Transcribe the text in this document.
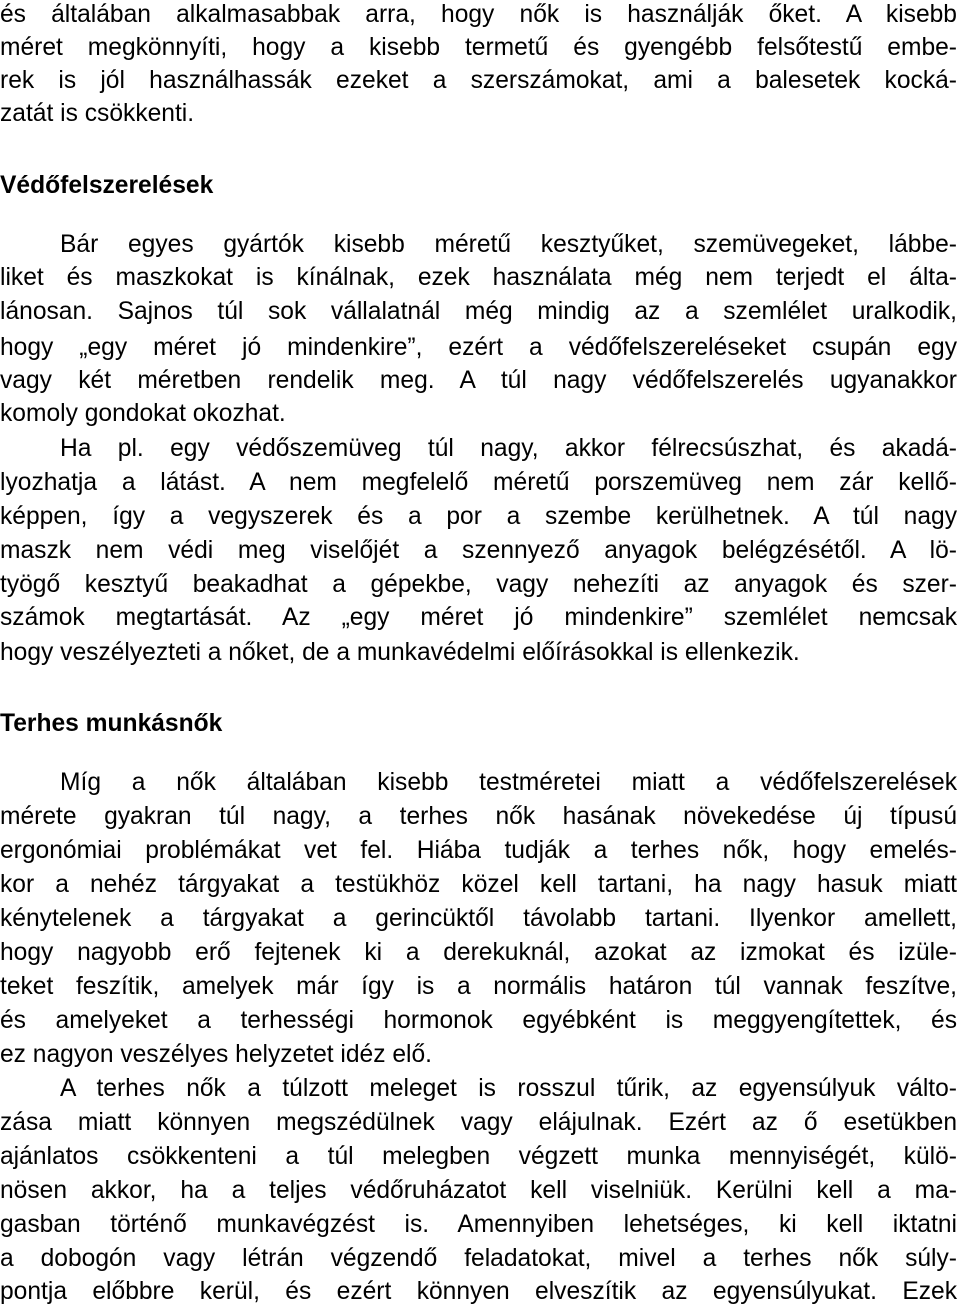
és általában alkalmasabbak arra, hogy nők is használják őket. A kisebb
méret megkönnyíti, hogy a kisebb termetű és gyengébb felsőtestű embe-
rek is jól használhassák ezeket a szerszámokat, ami a balesetek kocká-
zatát is csökkenti.
Védőfelszerelések
Bár egyes gyártók kisebb méretű kesztyűket, szemüvegeket, lábbe-
liket és maszkokat is kínálnak, ezek használata még nem terjedt el álta-
lánosan. Sajnos túl sok vállalatnál még mindig az a szemlélet uralkodik,
hogy „egy méret jó mindenkire”, ezért a védőfelszereléseket csupán egy
vagy két méretben rendelik meg. A túl nagy védőfelszerelés ugyanakkor
komoly gondokat okozhat.
Ha pl. egy védőszemüveg túl nagy, akkor félrecsúszhat, és akadá-
lyozhatja a látást. A nem megfelelő méretű porszemüveg nem zár kellő-
képpen, így a vegyszerek és a por a szembe kerülhetnek. A túl nagy
maszk nem védi meg viselőjét a szennyező anyagok belégzésétől. A lö-
työgő kesztyű beakadhat a gépekbe, vagy nehezíti az anyagok és szer-
számok megtartását. Az „egy méret jó mindenkire” szemlélet nemcsak
hogy veszélyezteti a nőket, de a munkavédelmi előírásokkal is ellenkezik.
Terhes munkásnők
Míg a nők általában kisebb testméretei miatt a védőfelszerelések
mérete gyakran túl nagy, a terhes nők hasának növekedése új típusú
ergonómiai problémákat vet fel. Hiába tudják a terhes nők, hogy emelés-
kor a nehéz tárgyakat a testükhöz közel kell tartani, ha nagy hasuk miatt
kénytelenek a tárgyakat a gerincüktől távolabb tartani. Ilyenkor amellett,
hogy nagyobb erő fejtenek ki a derekuknál, azokat az izmokat és izüle-
teket feszítik, amelyek már így is a normális határon túl vannak feszítve,
és amelyeket a terhességi hormonok egyébként is meggyengítettek, és
ez nagyon veszélyes helyzetet idéz elő.
A terhes nők a túlzott meleget is rosszul tűrik, az egyensúlyuk válto-
zása miatt könnyen megszédülnek vagy elájulnak. Ezért az ő esetükben
ajánlatos csökkenteni a túl melegben végzett munka mennyiségét, külö-
nösen akkor, ha a teljes védőruházatot kell viselniük. Kerülni kell a ma-
gasban történő munkavégzést is. Amennyiben lehetséges, ki kell iktatni
a dobogón vagy létrán végzendő feladatokat, mivel a terhes nők súly-
pontja előbbre kerül, és ezért könnyen elveszítik az egyensúlyukat. Ezek
